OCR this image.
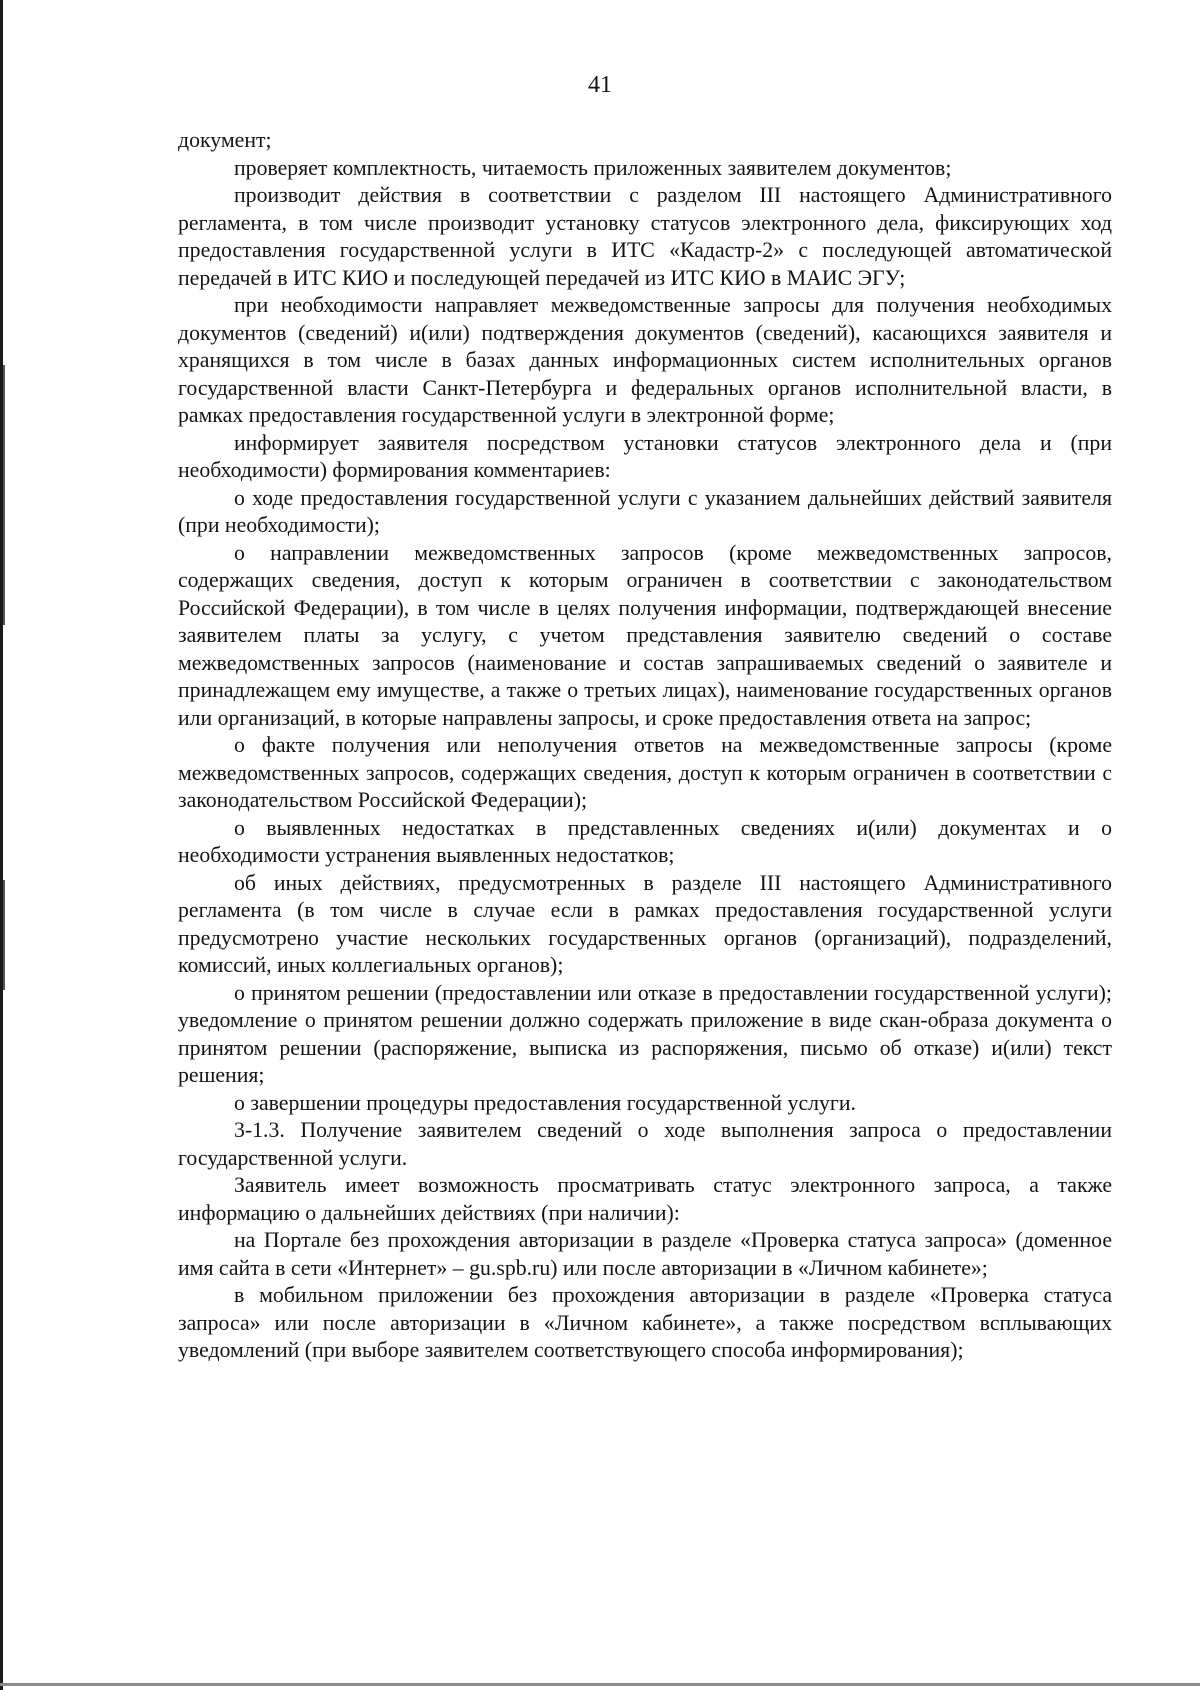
41

документ;

проверяет комплектность, читаемость приложенных заявителем документов;

производит действия в соответствии с разделом III настоящего Административного регламента, в том числе производит установку статусов электронного дела, фиксирующих ход предоставления государственной услуги в ИТС «Кадастр-2» с последующей автоматической передачей в ИТС КИО и последующей передачей из ИТС КИО в МАИС ЭГУ;

при необходимости направляет межведомственные запросы для получения необходимых документов (сведений) и(или) подтверждения документов (сведений), касающихся заявителя и хранящихся в том числе в базах данных информационных систем исполнительных органов государственной власти Санкт-Петербурга и федеральных органов исполнительной власти, в рамках предоставления государственной услуги в электронной форме;

информирует заявителя посредством установки статусов электронного дела и (при необходимости) формирования комментариев:

о ходе предоставления государственной услуги с указанием дальнейших действий заявителя (при необходимости);

о направлении межведомственных запросов (кроме межведомственных запросов, содержащих сведения, доступ к которым ограничен в соответствии с законодательством Российской Федерации), в том числе в целях получения информации, подтверждающей внесение заявителем платы за услугу, с учетом представления заявителю сведений о составе межведомственных запросов (наименование и состав запрашиваемых сведений о заявителе и принадлежащем ему имуществе, а также о третьих лицах), наименование государственных органов или организаций, в которые направлены запросы, и сроке предоставления ответа на запрос;

о факте получения или неполучения ответов на межведомственные запросы (кроме межведомственных запросов, содержащих сведения, доступ к которым ограничен в соответствии с законодательством Российской Федерации);

о выявленных недостатках в представленных сведениях и(или) документах и о необходимости устранения выявленных недостатков;

об иных действиях, предусмотренных в разделе III настоящего Административного регламента (в том числе в случае если в рамках предоставления государственной услуги предусмотрено участие нескольких государственных органов (организаций), подразделений, комиссий, иных коллегиальных органов);

о принятом решении (предоставлении или отказе в предоставлении государственной услуги); уведомление о принятом решении должно содержать приложение в виде скан-образа документа о принятом решении (распоряжение, выписка из распоряжения, письмо об отказе) и(или) текст решения;

о завершении процедуры предоставления государственной услуги.

3-1.3. Получение заявителем сведений о ходе выполнения запроса о предоставлении государственной услуги.

Заявитель имеет возможность просматривать статус электронного запроса, а также информацию о дальнейших действиях (при наличии):

на Портале без прохождения авторизации в разделе «Проверка статуса запроса» (доменное имя сайта в сети «Интернет» – gu.spb.ru) или после авторизации в «Личном кабинете»;

в мобильном приложении без прохождения авторизации в разделе «Проверка статуса запроса» или после авторизации в «Личном кабинете», а также посредством всплывающих уведомлений (при выборе заявителем соответствующего способа информирования);
